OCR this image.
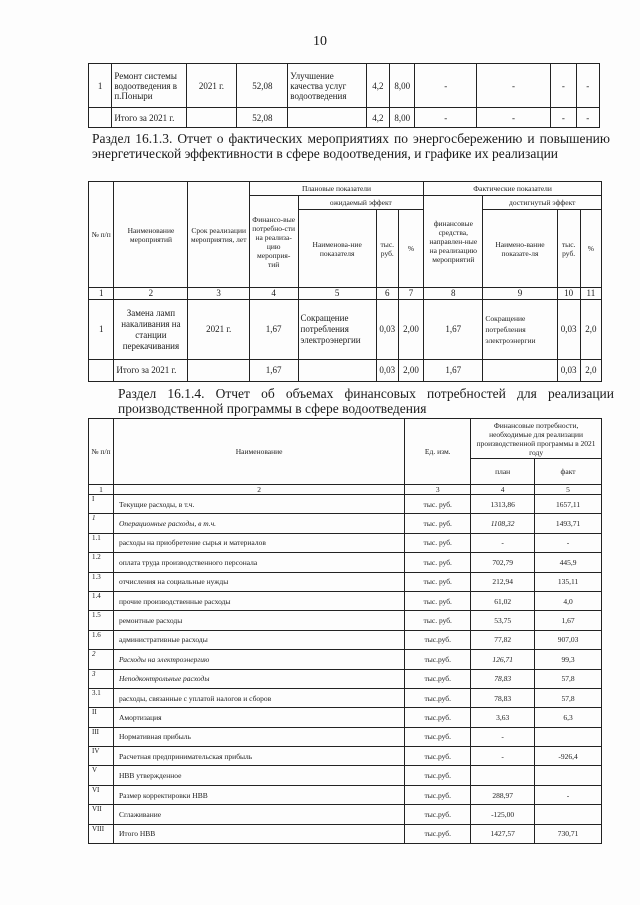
10
1	Ремонт системы водоотведения в п.Поныри	2021 г.	52,08	Улучшение качества услуг водоотведения	4,2	8,00	-	-	-	-
	Итого за 2021 г.		52,08		4,2	8,00	-	-	-	-
Раздел 16.1.3. Отчет о фактических мероприятиях по энергосбережению и повышению энергетической эффективности в сфере водоотведения, и графике их реализации
№ п/п	Наименование мероприятий	Срок реализации мероприятия, лет	Плановые показатели				Фактические показатели			
			Финансо-вые потребно-сти на реализа-цию мероприя-тий	ожидаемый эффект			финансовые средства, направлен-ные на реализацию мероприятий	достигнутый эффект		
				Наименова-ние показателя	тыс. руб.	%		Наимено-вание показате-ля	тыс. руб.	%
1	2	3	4	5	6	7	8	9	10	11
1	Замена ламп накаливания на станции перекачивания	2021 г.	1,67	Сокращение потребления электроэнергии	0,03	2,00	1,67	Сокращение потребления электроэнергии	0,03	2,0
	Итого за 2021 г.		1,67		0,03	2,00	1,67		0,03	2,0
Раздел 16.1.4. Отчет об объемах финансовых потребностей для реализации производственной программы в сфере водоотведения
№ п/п	Наименование	Ед. изм.	Финансовые потребности, необходимые для реализации производственной программы в 2021 году	
			план	факт
1	2	3	4	5
I	Текущие расходы, в т.ч.	тыс. руб.	1313,86	1657,11
1	Операционные расходы, в т.ч.	тыс. руб.	1108,32	1493,71
1.1	расходы на приобретение сырья и материалов	тыс. руб.	-	-
1.2	оплата труда производственного персонала	тыс. руб.	702,79	445,9
1.3	отчисления на социальные нужды	тыс. руб.	212,94	135,11
1.4	прочие производственные расходы	тыс. руб.	61,02	4,0
1.5	ремонтные расходы	тыс. руб.	53,75	1,67
1.6	административные расходы	тыс.руб.	77,82	907,03
2	Расходы на электроэнергию	тыс.руб.	126,71	99,3
3	Неподконтрольные расходы	тыс.руб.	78,83	57,8
3.1	расходы, связанные с уплатой налогов и сборов	тыс.руб.	78,83	57,8
II	Амортизация	тыс.руб.	3,63	6,3
III	Нормативная прибыль	тыс.руб.	-	
IV	Расчетная предпринимательская прибыль	тыс.руб.	-	-926,4
V	НВВ утвержденное	тыс.руб.		
VI	Размер корректировки НВВ	тыс.руб.	288,97	-
VII	Сглаживание	тыс.руб.	-125,00	
VIII	Итого НВВ	тыс.руб.	1427,57	730,71
